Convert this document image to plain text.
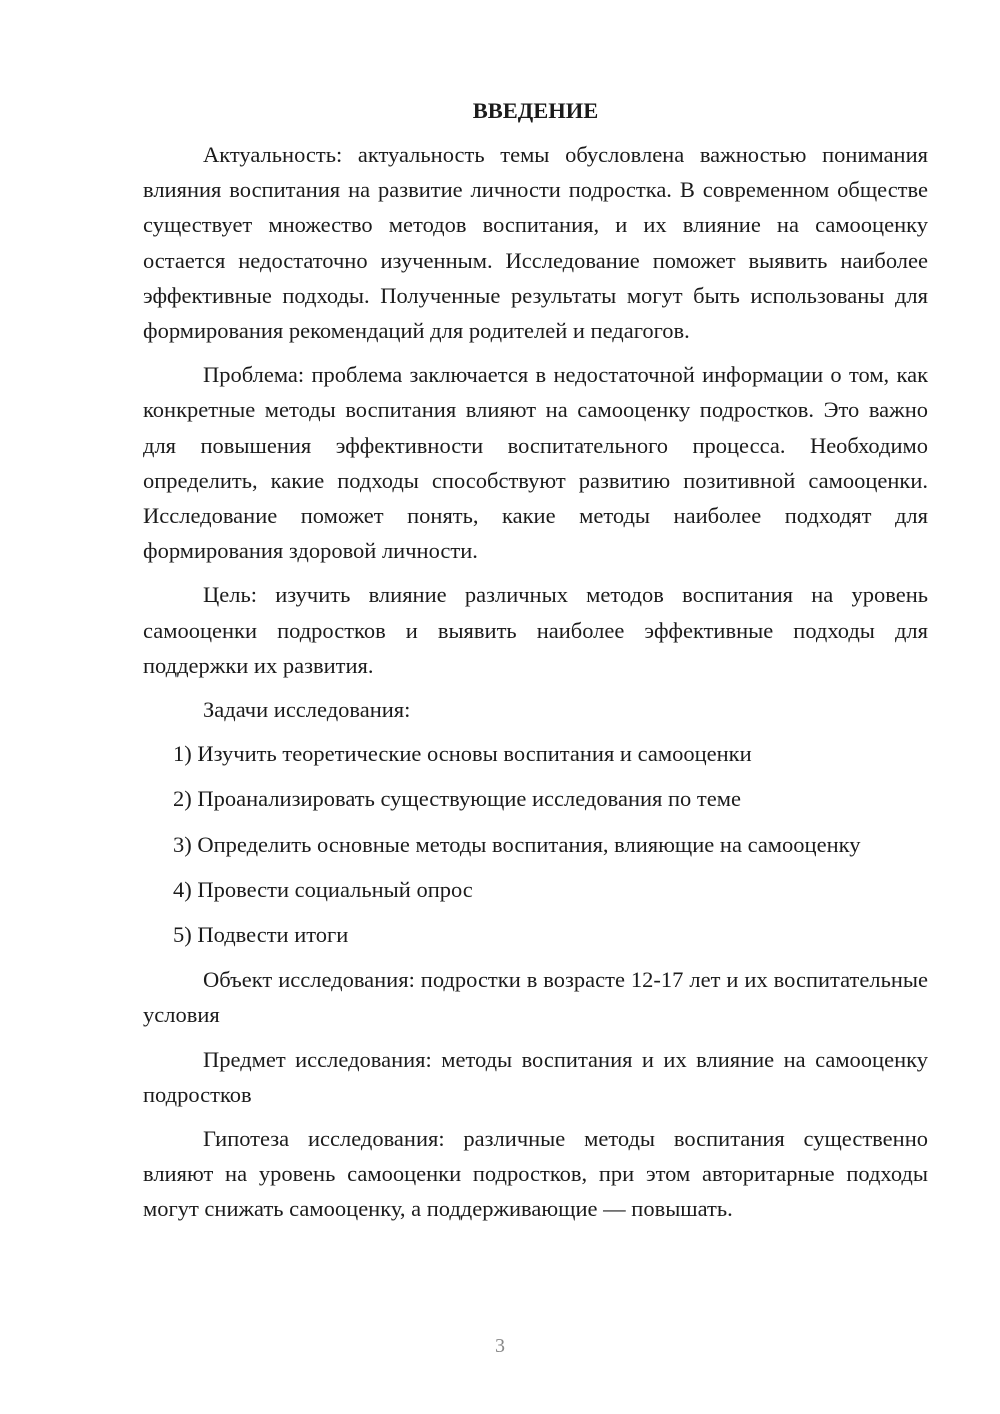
ВВЕДЕНИЕ

Актуальность: актуальность темы обусловлена важностью понимания влияния воспитания на развитие личности подростка. В современном обществе существует множество методов воспитания, и их влияние на самооценку остается недостаточно изученным. Исследование поможет выявить наиболее эффективные подходы. Полученные результаты могут быть использованы для формирования рекомендаций для родителей и педагогов.

Проблема: проблема заключается в недостаточной информации о том, как конкретные методы воспитания влияют на самооценку подростков. Это важно для повышения эффективности воспитательного процесса. Необходимо определить, какие подходы способствуют развитию позитивной самооценки. Исследование поможет понять, какие методы наиболее подходят для формирования здоровой личности.

Цель: изучить влияние различных методов воспитания на уровень самооценки подростков и выявить наиболее эффективные подходы для поддержки их развития.

Задачи исследования:

1) Изучить теоретические основы воспитания и самооценки

2) Проанализировать существующие исследования по теме

3) Определить основные методы воспитания, влияющие на самооценку

4) Провести социальный опрос

5) Подвести итоги

Объект исследования: подростки в возрасте 12-17 лет и их воспитательные условия

Предмет исследования: методы воспитания и их влияние на самооценку подростков

Гипотеза исследования: различные методы воспитания существенно влияют на уровень самооценки подростков, при этом авторитарные подходы могут снижать самооценку, а поддерживающие — повышать.

3
